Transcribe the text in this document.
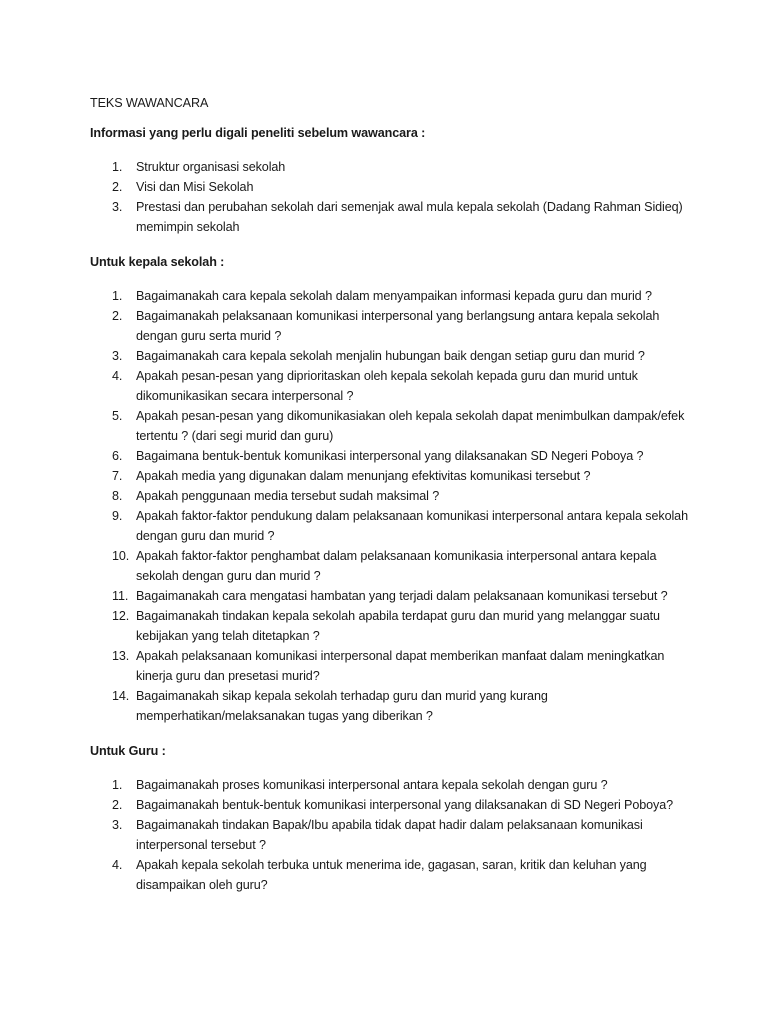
TEKS WAWANCARA
Informasi yang perlu digali peneliti sebelum wawancara :
1.	Struktur organisasi sekolah
2.	Visi dan Misi Sekolah
3.	Prestasi dan perubahan sekolah dari semenjak awal mula kepala sekolah (Dadang Rahman Sidieq) memimpin sekolah
Untuk kepala sekolah :
1.	Bagaimanakah cara kepala sekolah dalam menyampaikan informasi kepada guru dan murid ?
2.	Bagaimanakah pelaksanaan komunikasi interpersonal yang berlangsung antara kepala sekolah dengan guru serta murid ?
3.	Bagaimanakah cara kepala sekolah menjalin hubungan baik dengan setiap guru dan murid ?
4.	Apakah pesan-pesan yang diprioritaskan oleh kepala sekolah kepada guru dan murid untuk dikomunikasikan secara interpersonal ?
5.	Apakah pesan-pesan yang dikomunikasiakan oleh kepala sekolah dapat menimbulkan dampak/efek tertentu ? (dari segi murid dan guru)
6.	Bagaimana bentuk-bentuk komunikasi interpersonal yang dilaksanakan SD Negeri Poboya ?
7.	Apakah media yang digunakan dalam menunjang efektivitas komunikasi tersebut ?
8.	Apakah penggunaan media tersebut sudah maksimal ?
9.	Apakah faktor-faktor pendukung dalam pelaksanaan komunikasi interpersonal antara kepala sekolah dengan guru dan murid ?
10. Apakah faktor-faktor penghambat dalam pelaksanaan komunikasia interpersonal antara kepala sekolah dengan guru dan murid ?
11. Bagaimanakah cara mengatasi hambatan yang terjadi dalam pelaksanaan komunikasi tersebut ?
12. Bagaimanakah tindakan kepala sekolah apabila terdapat guru dan murid yang melanggar suatu kebijakan yang telah ditetapkan ?
13. Apakah pelaksanaan komunikasi interpersonal dapat memberikan manfaat dalam meningkatkan kinerja guru dan presetasi murid?
14. Bagaimanakah sikap kepala sekolah terhadap guru dan murid yang kurang memperhatikan/melaksanakan tugas yang diberikan ?
Untuk Guru :
1.	Bagaimanakah proses komunikasi interpersonal antara kepala sekolah dengan guru ?
2.	Bagaimanakah bentuk-bentuk komunikasi interpersonal yang dilaksanakan di SD Negeri Poboya?
3.	Bagaimanakah tindakan Bapak/Ibu apabila tidak dapat hadir dalam pelaksanaan komunikasi interpersonal tersebut ?
4.	Apakah kepala sekolah terbuka untuk menerima ide, gagasan, saran, kritik dan keluhan yang disampaikan oleh guru?
